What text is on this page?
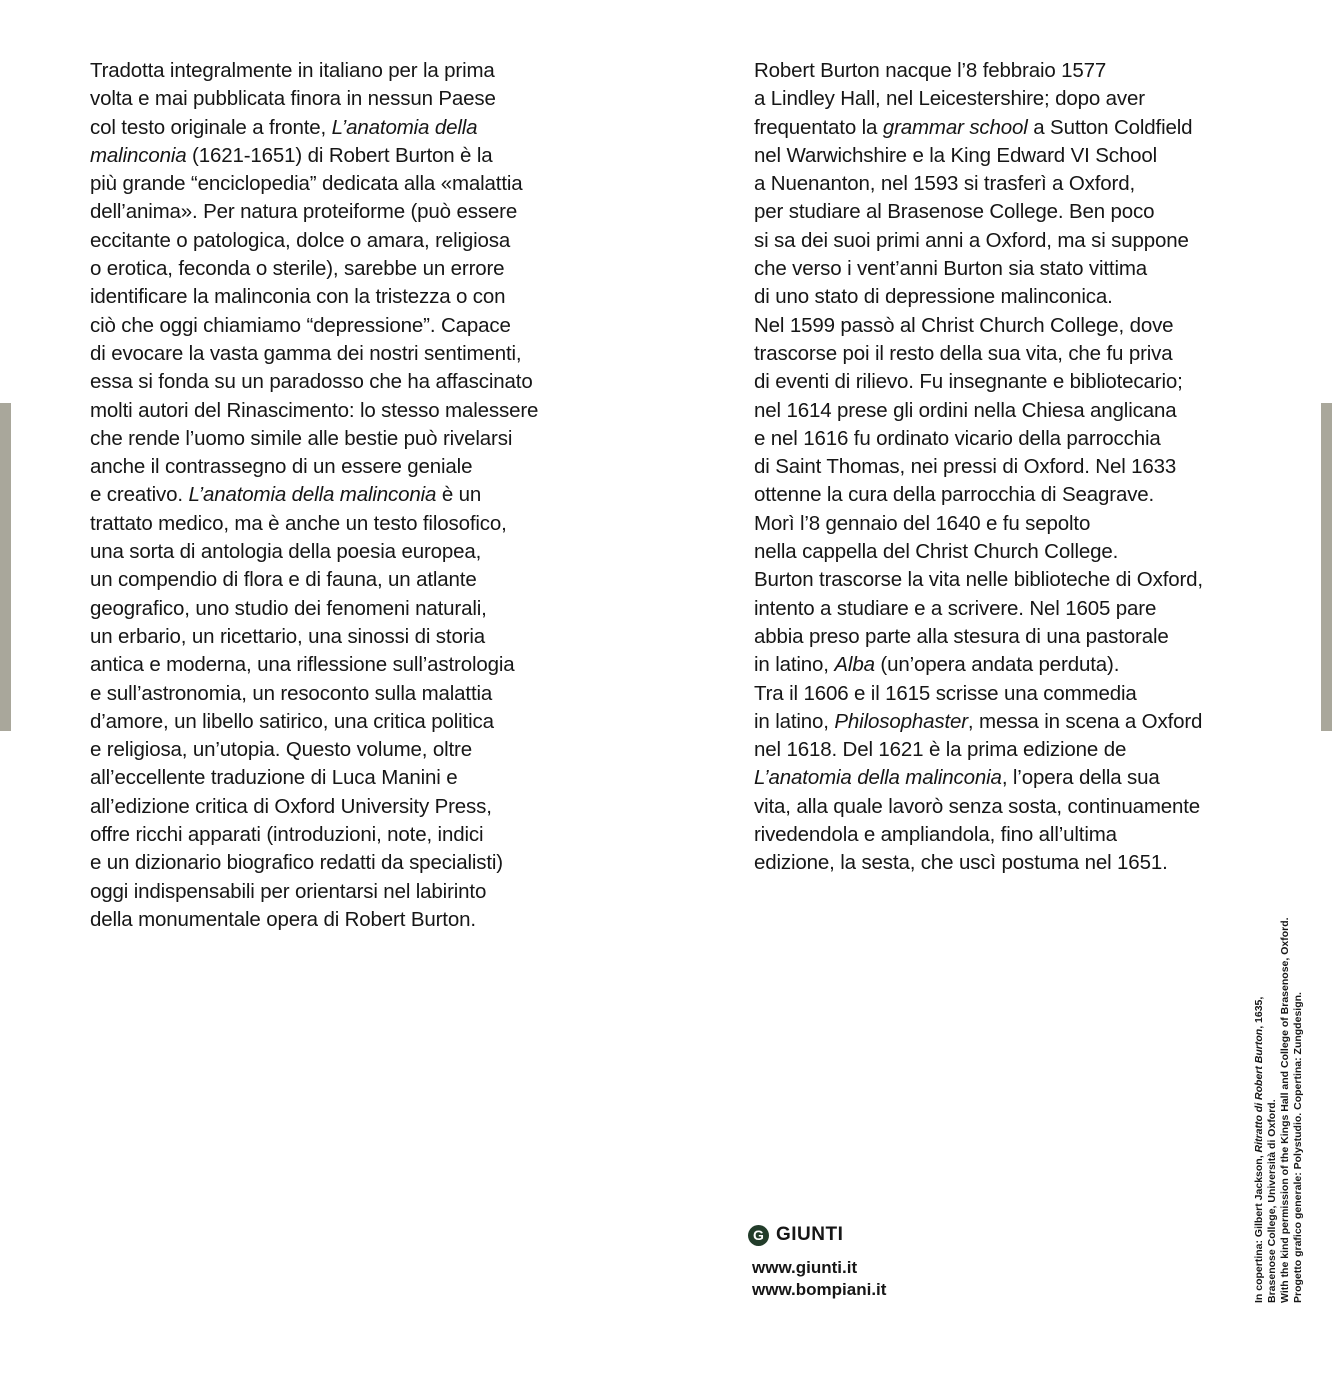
Tradotta integralmente in italiano per la prima
volta e mai pubblicata finora in nessun Paese
col testo originale a fronte, L’anatomia della
malinconia (1621-1651) di Robert Burton è la
più grande “enciclopedia” dedicata alla «malattia
dell’anima». Per natura proteiforme (può essere
eccitante o patologica, dolce o amara, religiosa
o erotica, feconda o sterile), sarebbe un errore
identificare la malinconia con la tristezza o con
ciò che oggi chiamiamo “depressione”. Capace
di evocare la vasta gamma dei nostri sentimenti,
essa si fonda su un paradosso che ha affascinato
molti autori del Rinascimento: lo stesso malessere
che rende l’uomo simile alle bestie può rivelarsi
anche il contrassegno di un essere geniale
e creativo. L’anatomia della malinconia è un
trattato medico, ma è anche un testo filosofico,
una sorta di antologia della poesia europea,
un compendio di flora e di fauna, un atlante
geografico, uno studio dei fenomeni naturali,
un erbario, un ricettario, una sinossi di storia
antica e moderna, una riflessione sull’astrologia
e sull’astronomia, un resoconto sulla malattia
d’amore, un libello satirico, una critica politica
e religiosa, un’utopia. Questo volume, oltre
all’eccellente traduzione di Luca Manini e
all’edizione critica di Oxford University Press,
offre ricchi apparati (introduzioni, note, indici
e un dizionario biografico redatti da specialisti)
oggi indispensabili per orientarsi nel labirinto
della monumentale opera di Robert Burton.
Robert Burton nacque l’8 febbraio 1577
a Lindley Hall, nel Leicestershire; dopo aver
frequentato la grammar school a Sutton Coldfield
nel Warwichshire e la King Edward VI School
a Nuenanton, nel 1593 si trasferì a Oxford,
per studiare al Brasenose College. Ben poco
si sa dei suoi primi anni a Oxford, ma si suppone
che verso i vent’anni Burton sia stato vittima
di uno stato di depressione malinconica.
Nel 1599 passò al Christ Church College, dove
trascorse poi il resto della sua vita, che fu priva
di eventi di rilievo. Fu insegnante e bibliotecario;
nel 1614 prese gli ordini nella Chiesa anglicana
e nel 1616 fu ordinato vicario della parrocchia
di Saint Thomas, nei pressi di Oxford. Nel 1633
ottenne la cura della parrocchia di Seagrave.
Morì l’8 gennaio del 1640 e fu sepolto
nella cappella del Christ Church College.
Burton trascorse la vita nelle biblioteche di Oxford,
intento a studiare e a scrivere. Nel 1605 pare
abbia preso parte alla stesura di una pastorale
in latino, Alba (un’opera andata perduta).
Tra il 1606 e il 1615 scrisse una commedia
in latino, Philosophaster, messa in scena a Oxford
nel 1618. Del 1621 è la prima edizione de
L’anatomia della malinconia, l’opera della sua
vita, alla quale lavorò senza sosta, continuamente
rivedendola e ampliandola, fino all’ultima
edizione, la sesta, che uscì postuma nel 1651.
In copertina: Gilbert Jackson, Ritratto di Robert Burton, 1635,
Brasenose College, Università di Oxford. With the kind permission of the Kings Hall and College of Brasenose, Oxford. Progetto grafico generale: Polystudio. Copertina: Zungdesign.
G GIUNTI
www.giunti.it
www.bompiani.it
